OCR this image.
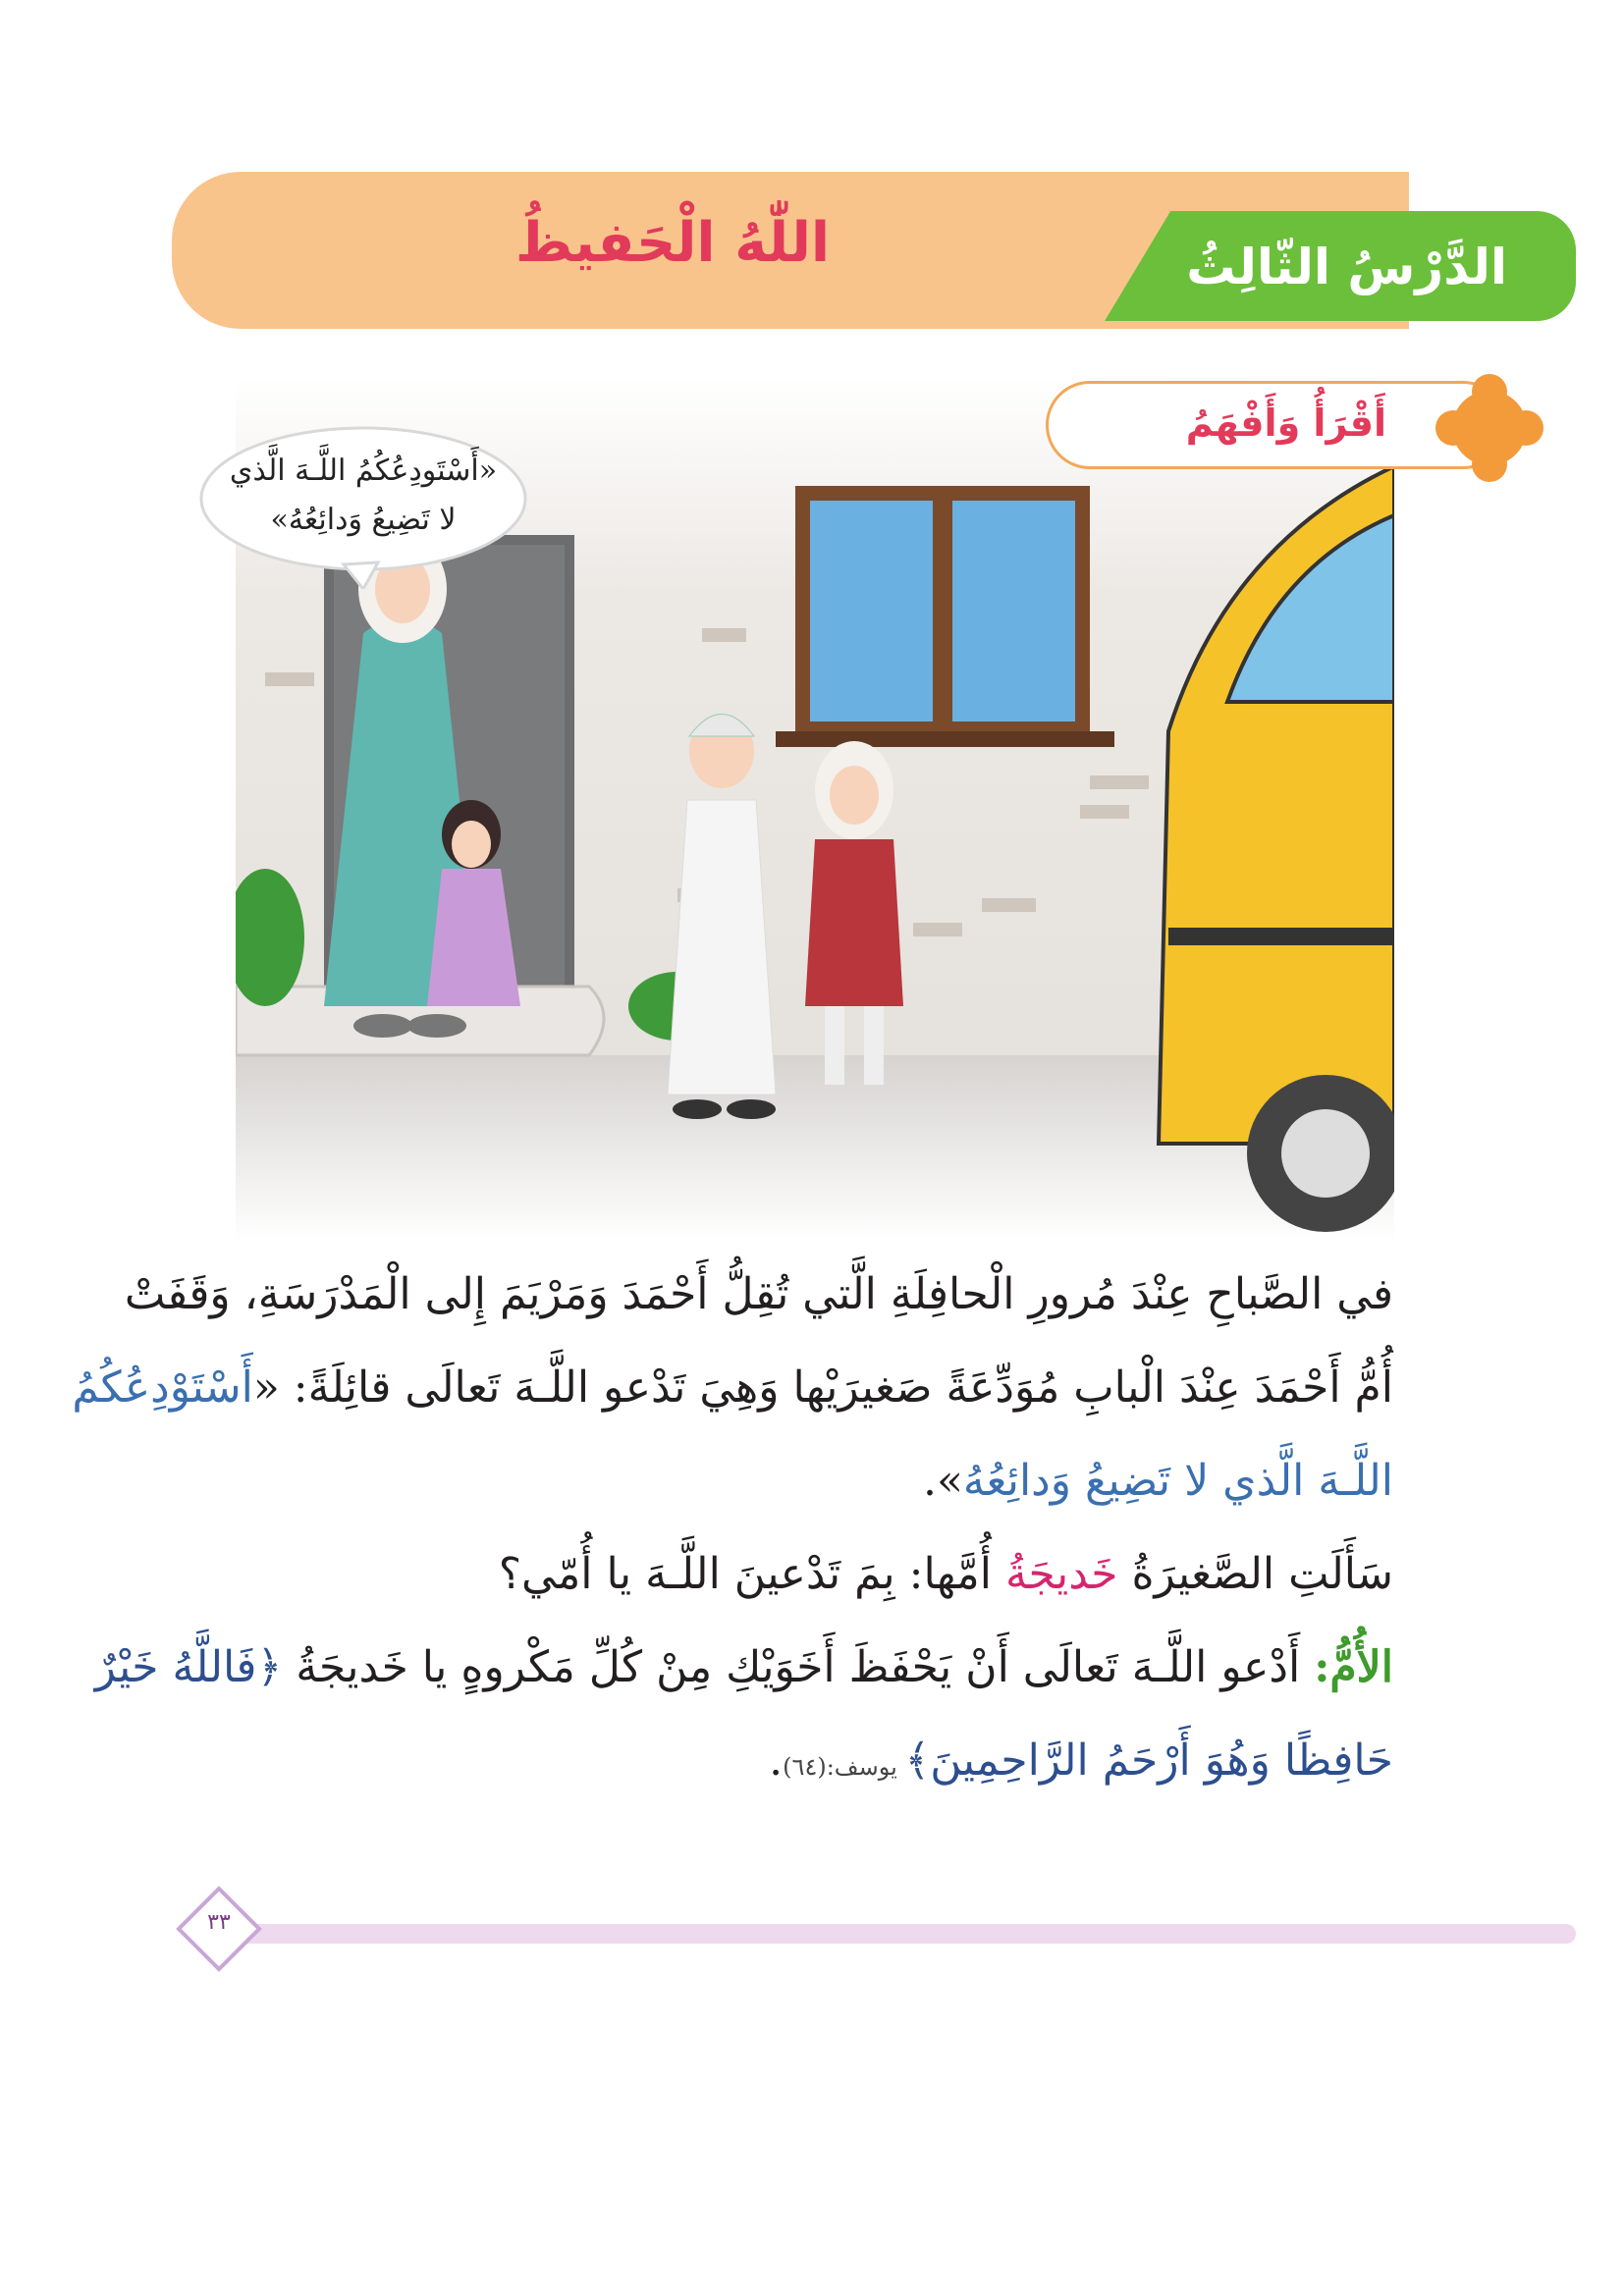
اللّٰهُ الْحَفيظُ	الدَّرْسُ الثّالِثُ
«أَسْتَودِعُكُمُ اللَّـهَ الَّذي
لا تَضِيعُ وَدائِعُهُ»
أَقْرَأُ وَأَفْهَمُ
في الصَّباحِ عِنْدَ مُرورِ الْحافِلَةِ الَّتي تُقِلُّ أَحْمَدَ وَمَرْيَمَ إِلى الْمَدْرَسَةِ، وَقَفَتْ
أُمُّ أَحْمَدَ عِنْدَ الْبابِ مُوَدِّعَةً صَغيرَيْها وَهِيَ تَدْعو اللَّـهَ تَعالَى قائِلَةً: «أَسْتَوْدِعُكُمُ
اللَّـهَ الَّذي لا تَضِيعُ وَدائِعُهُ».
سَأَلَتِ الصَّغيرَةُ خَديجَةُ أُمَّها: بِمَ تَدْعينَ اللَّـهَ يا أُمّي؟
الأُمُّ: أَدْعو اللَّـهَ تَعالَى أَنْ يَحْفَظَ أَخَوَيْكِ مِنْ كُلِّ مَكْروهٍ يا خَديجَةُ ﴿فَاللَّهُ خَيْرٌ
حَافِظًا وَهُوَ أَرْحَمُ الرَّاحِمِينَ﴾ يوسف:(٦٤).
٣٣
